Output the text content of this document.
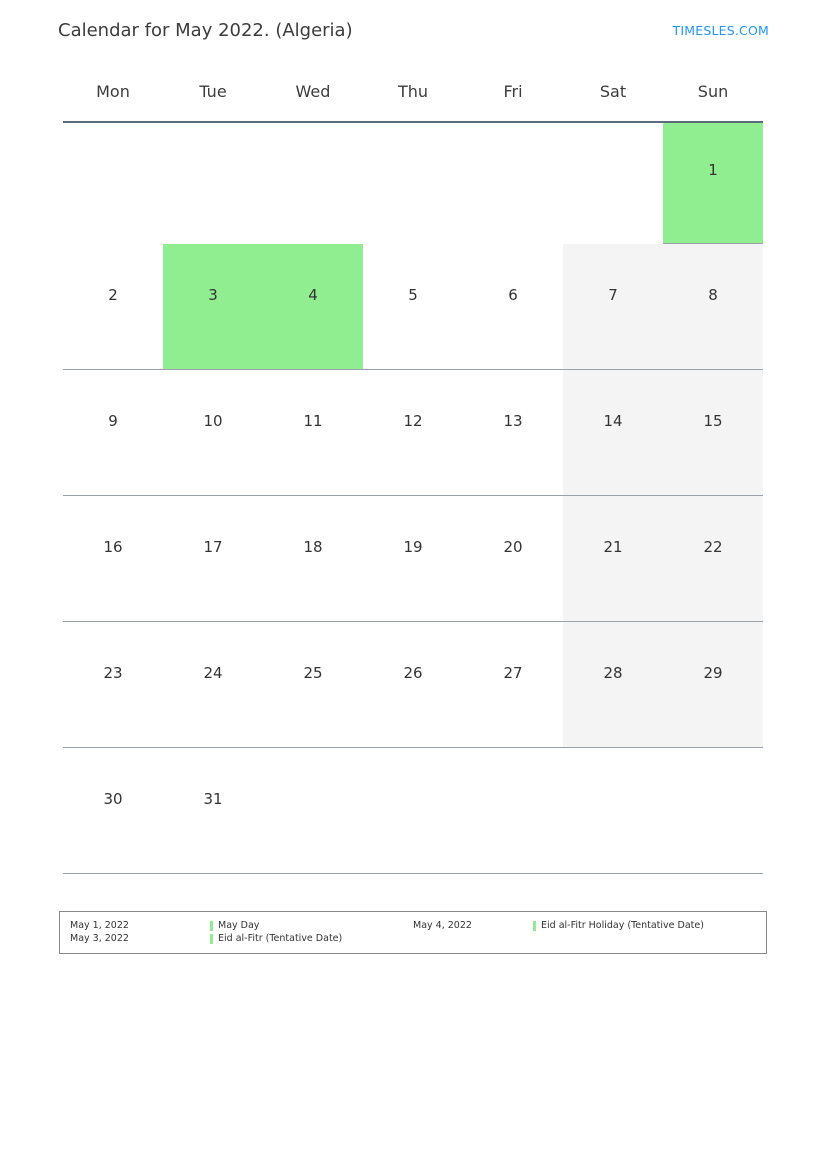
Calendar for May 2022. (Algeria)	TIMESLES.COM
Mon	Tue	Wed	Thu	Fri	Sat	Sun

						1

2	3	4	5	6	7	8

9	10	11	12	13	14	15

16	17	18	19	20	21	22

23	24	25	26	27	28	29

30	31					

May 1, 2022	May Day
May 3, 2022	Eid al-Fitr (Tentative Date)
May 4, 2022	Eid al-Fitr Holiday (Tentative Date)
